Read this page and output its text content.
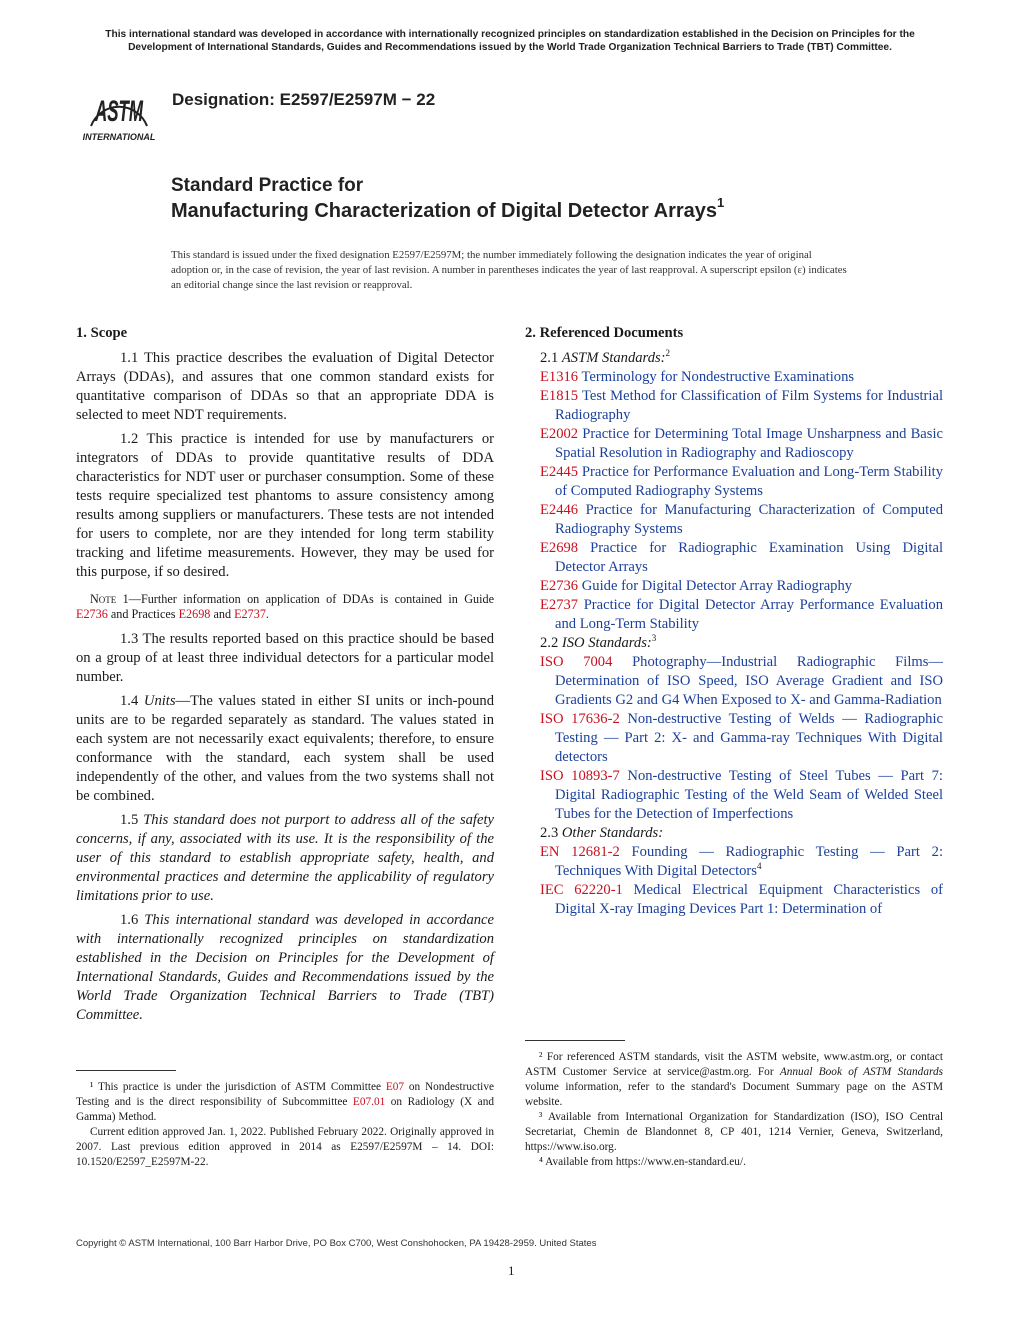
This international standard was developed in accordance with internationally recognized principles on standardization established in the Decision on Principles for the Development of International Standards, Guides and Recommendations issued by the World Trade Organization Technical Barriers to Trade (TBT) Committee.
ASTM
INTERNATIONAL
Designation: E2597/E2597M − 22
Standard Practice for
Manufacturing Characterization of Digital Detector Arrays$^1$
This standard is issued under the fixed designation E2597/E2597M; the number immediately following the designation indicates the year of original adoption or, in the case of revision, the year of last revision. A number in parentheses indicates the year of last reapproval. A superscript epsilon (ε) indicates an editorial change since the last revision or reapproval.

1. Scope

1.1 This practice describes the evaluation of Digital Detector Arrays (DDAs), and assures that one common standard exists for quantitative comparison of DDAs so that an appropriate DDA is selected to meet NDT requirements.

1.2 This practice is intended for use by manufacturers or integrators of DDAs to provide quantitative results of DDA characteristics for NDT user or purchaser consumption. Some of these tests require specialized test phantoms to assure consistency among results among suppliers or manufacturers. These tests are not intended for users to complete, nor are they intended for long term stability tracking and lifetime measurements. However, they may be used for this purpose, if so desired.

Note 1—Further information on application of DDAs is contained in Guide E2736 and Practices E2698 and E2737.

1.3 The results reported based on this practice should be based on a group of at least three individual detectors for a particular model number.

1.4 Units—The values stated in either SI units or inch-pound units are to be regarded separately as standard. The values stated in each system are not necessarily exact equivalents; therefore, to ensure conformance with the standard, each system shall be used independently of the other, and values from the two systems shall not be combined.

1.5 This standard does not purport to address all of the safety concerns, if any, associated with its use. It is the responsibility of the user of this standard to establish appropriate safety, health, and environmental practices and determine the applicability of regulatory limitations prior to use.

1.6 This international standard was developed in accordance with internationally recognized principles on standardization established in the Decision on Principles for the Development of International Standards, Guides and Recommendations issued by the World Trade Organization Technical Barriers to Trade (TBT) Committee.

2. Referenced Documents

2.1 ASTM Standards:$^2$

E1316 Terminology for Nondestructive Examinations

E1815 Test Method for Classification of Film Systems for Industrial Radiography

E2002 Practice for Determining Total Image Unsharpness and Basic Spatial Resolution in Radiography and Radioscopy

E2445 Practice for Performance Evaluation and Long-Term Stability of Computed Radiography Systems

E2446 Practice for Manufacturing Characterization of Computed Radiography Systems

E2698 Practice for Radiographic Examination Using Digital Detector Arrays

E2736 Guide for Digital Detector Array Radiography

E2737 Practice for Digital Detector Array Performance Evaluation and Long-Term Stability

2.2 ISO Standards:$^3$

ISO 7004 Photography—Industrial Radiographic Films—Determination of ISO Speed, ISO Average Gradient and ISO Gradients G2 and G4 When Exposed to X- and Gamma-Radiation

ISO 17636-2 Non-destructive Testing of Welds — Radiographic Testing — Part 2: X- and Gamma-ray Techniques With Digital detectors

ISO 10893-7 Non-destructive Testing of Steel Tubes — Part 7: Digital Radiographic Testing of the Weld Seam of Welded Steel Tubes for the Detection of Imperfections

2.3 Other Standards:

EN 12681-2 Founding — Radiographic Testing — Part 2: Techniques With Digital Detectors$^4$

IEC 62220-1 Medical Electrical Equipment Characteristics of Digital X-ray Imaging Devices Part 1: Determination of

¹ This practice is under the jurisdiction of ASTM Committee E07 on Nondestructive Testing and is the direct responsibility of Subcommittee E07.01 on Radiology (X and Gamma) Method.

Current edition approved Jan. 1, 2022. Published February 2022. Originally approved in 2007. Last previous edition approved in 2014 as E2597/E2597M – 14. DOI: 10.1520/E2597_E2597M-22.

² For referenced ASTM standards, visit the ASTM website, www.astm.org, or contact ASTM Customer Service at service@astm.org. For Annual Book of ASTM Standards volume information, refer to the standard's Document Summary page on the ASTM website.

³ Available from International Organization for Standardization (ISO), ISO Central Secretariat, Chemin de Blandonnet 8, CP 401, 1214 Vernier, Geneva, Switzerland, https://www.iso.org.

⁴ Available from https://www.en-standard.eu/.

Copyright © ASTM International, 100 Barr Harbor Drive, PO Box C700, West Conshohocken, PA 19428-2959. United States
1
